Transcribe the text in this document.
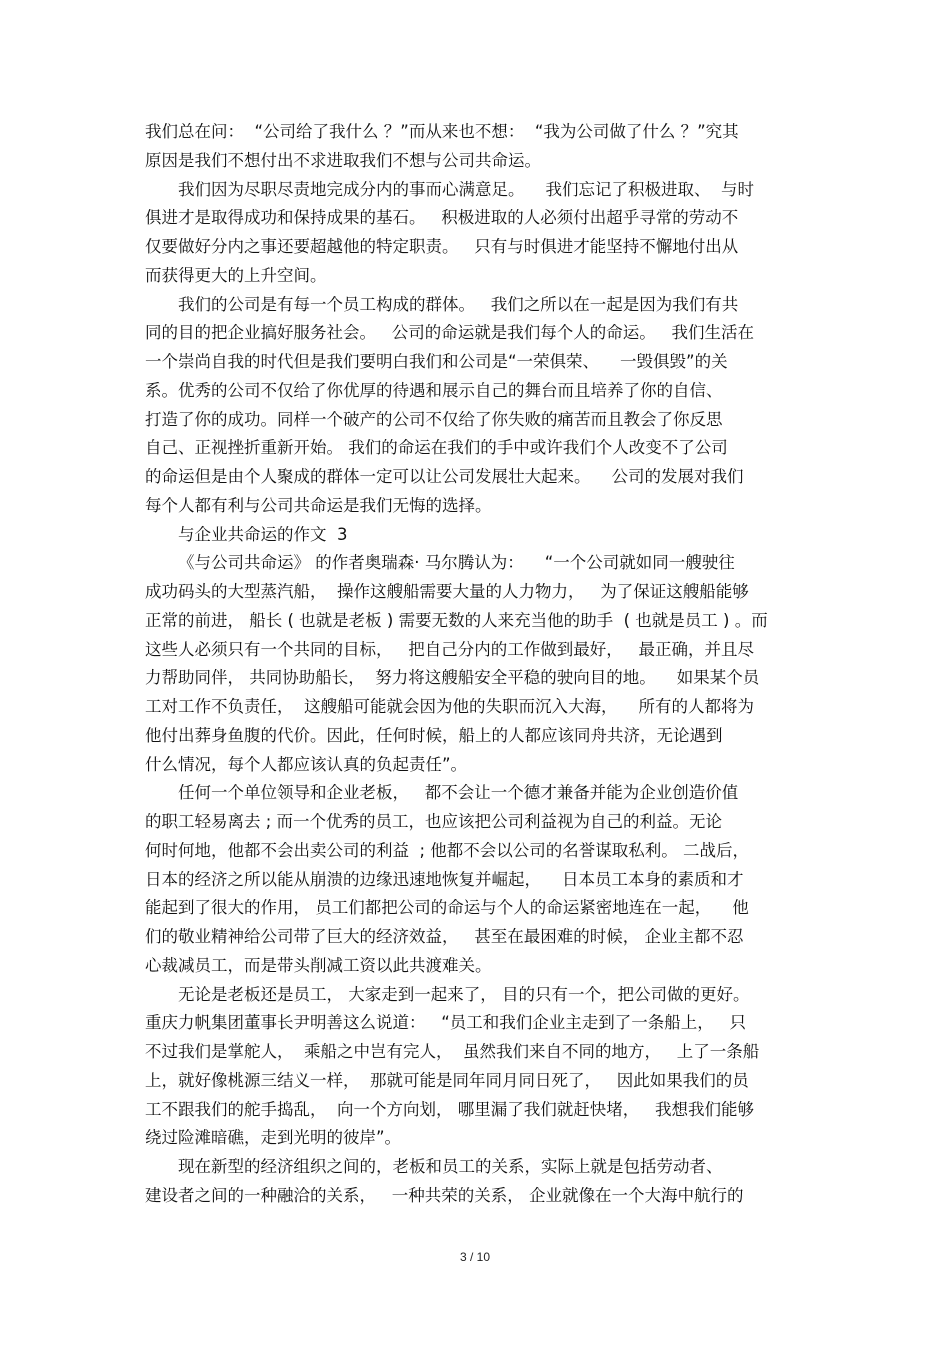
我们总在问：  “公司给了我什么 ？”而从来也不想：  “我为公司做了什么 ？”究其
原因是我们不想付出不求进取我们不想与公司共命运。
我们因为尽职尽责地完成分内的事而心满意足。    我们忘记了积极进取、  与时
俱进才是取得成功和保持成果的基石。   积极进取的人必须付出超乎寻常的劳动不
仅要做好分内之事还要超越他的特定职责。   只有与时俱进才能坚持不懈地付出从
而获得更大的上升空间。
我们的公司是有每一个员工构成的群体。   我们之所以在一起是因为我们有共
同的目的把企业搞好服务社会。   公司的命运就是我们每个人的命运。   我们生活在
一个崇尚自我的时代但是我们要明白我们和公司是“一荣俱荣、    一毁俱毁”的关
系。优秀的公司不仅给了你优厚的待遇和展示自己的舞台而且培养了你的自信、
打造了你的成功。同样一个破产的公司不仅给了你失败的痛苦而且教会了你反思
自己、正视挫折重新开始。 我们的命运在我们的手中或许我们个人改变不了公司
的命运但是由个人聚成的群体一定可以让公司发展壮大起来。    公司的发展对我们
每个人都有利与公司共命运是我们无悔的选择。
与企业共命运的作文  3
《与公司共命运》 的作者奥瑞森· 马尔腾认为：    “一个公司就如同一艘驶往
成功码头的大型蒸汽船，  操作这艘船需要大量的人力物力，   为了保证这艘船能够
正常的前进， 船长 ( 也就是老板 ) 需要无数的人来充当他的助手  ( 也就是员工 ) 。而
这些人必须只有一个共同的目标，   把自己分内的工作做到最好，   最正确，并且尽
力帮助同伴， 共同协助船长，  努力将这艘船安全平稳的驶向目的地。    如果某个员
工对工作不负责任，  这艘船可能就会因为他的失职而沉入大海，    所有的人都将为
他付出葬身鱼腹的代价。因此，任何时候，船上的人都应该同舟共济，无论遇到
什么情况，每个人都应该认真的负起责任”。
任何一个单位领导和企业老板，   都不会让一个德才兼备并能为企业创造价值
的职工轻易离去 ; 而一个优秀的员工，也应该把公司利益视为自己的利益。无论
何时何地，他都不会出卖公司的利益  ; 他都不会以公司的名誉谋取私利。 二战后，
日本的经济之所以能从崩溃的边缘迅速地恢复并崛起，    日本员工本身的素质和才
能起到了很大的作用， 员工们都把公司的命运与个人的命运紧密地连在一起，    他
们的敬业精神给公司带了巨大的经济效益，   甚至在最困难的时候， 企业主都不忍
心裁减员工，而是带头削减工资以此共渡难关。
无论是老板还是员工， 大家走到一起来了， 目的只有一个，把公司做的更好。
重庆力帆集团董事长尹明善这么说道：   “员工和我们企业主走到了一条船上，   只
不过我们是掌舵人，  乘船之中岂有完人，  虽然我们来自不同的地方，   上了一条船
上，就好像桃源三结义一样，  那就可能是同年同月同日死了，   因此如果我们的员
工不跟我们的舵手捣乱，  向一个方向划， 哪里漏了我们就赶快堵，   我想我们能够
绕过险滩暗礁，走到光明的彼岸”。
现在新型的经济组织之间的，老板和员工的关系，实际上就是包括劳动者、
建设者之间的一种融洽的关系，   一种共荣的关系， 企业就像在一个大海中航行的
3 / 10
